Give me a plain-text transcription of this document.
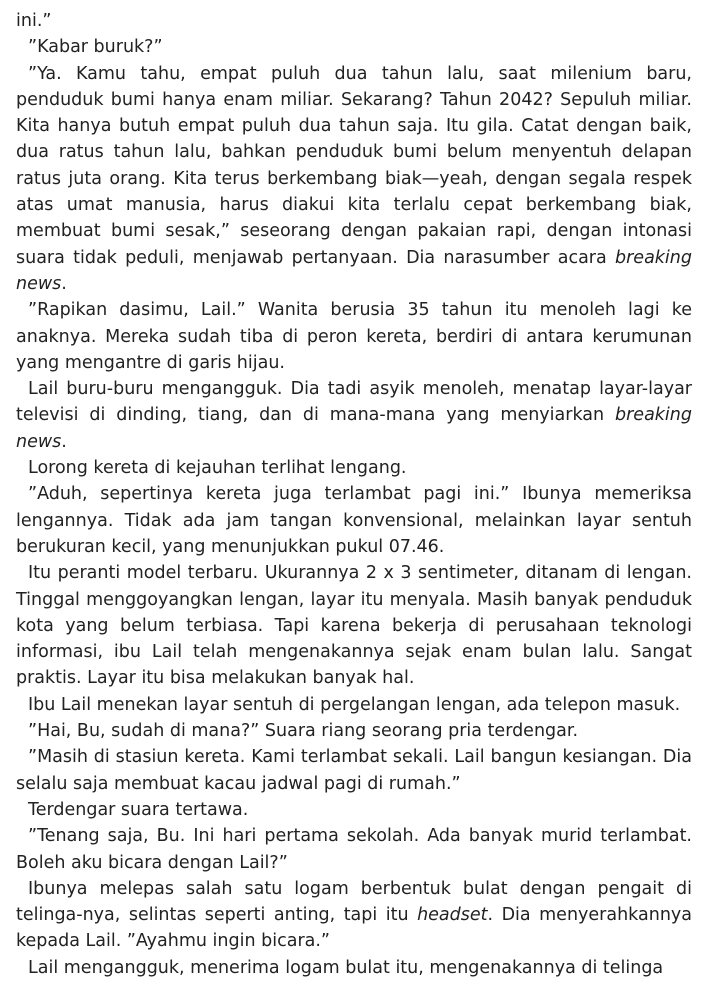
ini.”

”Kabar buruk?”

”Ya. Kamu tahu, empat puluh dua tahun lalu, saat milenium baru, penduduk bumi hanya enam miliar. Sekarang? Tahun 2042? Sepuluh miliar. Kita hanya butuh empat puluh dua tahun saja. Itu gila. Catat dengan baik, dua ratus tahun lalu, bahkan penduduk bumi belum menyentuh delapan ratus juta orang. Kita terus berkembang biak—yeah, dengan segala respek atas umat manusia, harus diakui kita terlalu cepat berkembang biak, membuat bumi sesak,” seseorang dengan pakaian rapi, dengan intonasi suara tidak peduli, menjawab pertanyaan. Dia narasumber acara breaking news.

”Rapikan dasimu, Lail.” Wanita berusia 35 tahun itu menoleh lagi ke anaknya. Mereka sudah tiba di peron kereta, berdiri di antara kerumunan yang mengantre di garis hijau.

Lail buru-buru mengangguk. Dia tadi asyik menoleh, menatap layar-layar televisi di dinding, tiang, dan di mana-mana yang menyiarkan breaking news.

Lorong kereta di kejauhan terlihat lengang.

”Aduh, sepertinya kereta juga terlambat pagi ini.” Ibunya memeriksa lengannya. Tidak ada jam tangan konvensional, melainkan layar sentuh berukuran kecil, yang menunjukkan pukul 07.46.

Itu peranti model terbaru. Ukurannya 2 x 3 sentimeter, ditanam di lengan. Tinggal menggoyangkan lengan, layar itu menyala. Masih banyak penduduk kota yang belum terbiasa. Tapi karena bekerja di perusahaan teknologi informasi, ibu Lail telah mengenakannya sejak enam bulan lalu. Sangat praktis. Layar itu bisa melakukan banyak hal.

Ibu Lail menekan layar sentuh di pergelangan lengan, ada telepon masuk.

”Hai, Bu, sudah di mana?” Suara riang seorang pria terdengar.

”Masih di stasiun kereta. Kami terlambat sekali. Lail bangun kesiangan. Dia selalu saja membuat kacau jadwal pagi di rumah.”

Terdengar suara tertawa.

”Tenang saja, Bu. Ini hari pertama sekolah. Ada banyak murid terlambat. Boleh aku bicara dengan Lail?”

Ibunya melepas salah satu logam berbentuk bulat dengan pengait di telinga-nya, selintas seperti anting, tapi itu headset. Dia menyerahkannya kepada Lail. ”Ayahmu ingin bicara.”

Lail mengangguk, menerima logam bulat itu, mengenakannya di telinga
